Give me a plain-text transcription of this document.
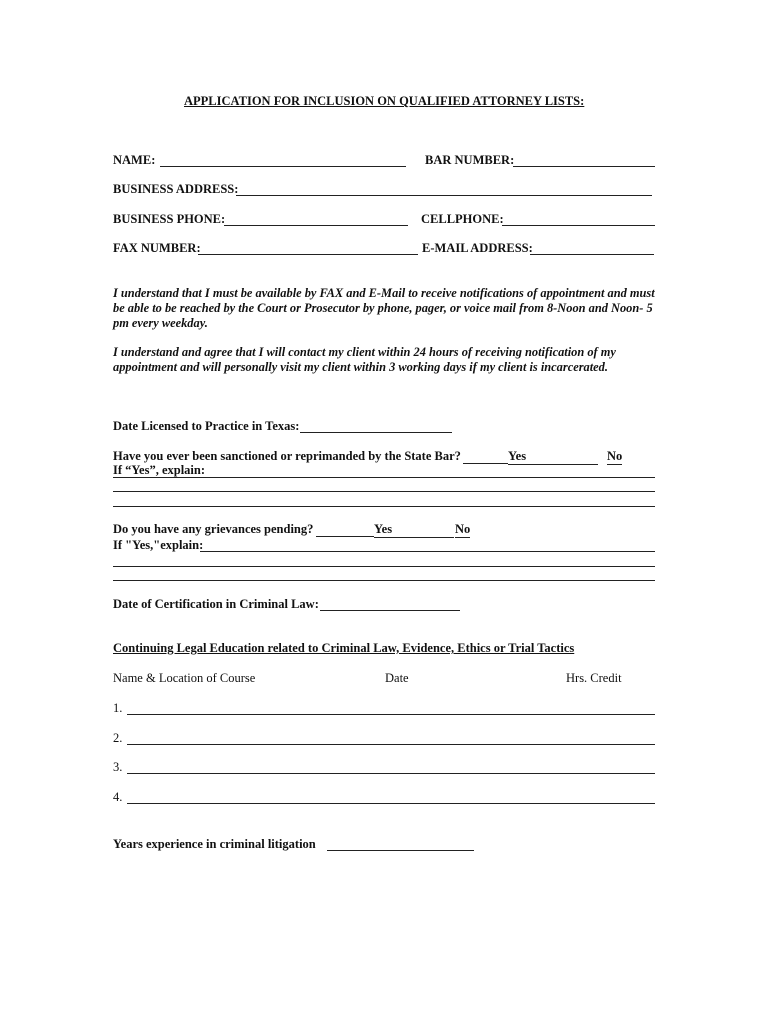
APPLICATION FOR INCLUSION ON QUALIFIED ATTORNEY LISTS:
NAME:	BAR NUMBER:
BUSINESS ADDRESS:
BUSINESS PHONE:	CELLPHONE:
FAX NUMBER:	E-MAIL ADDRESS:
I understand that I must be available by FAX and E-Mail to receive notifications of appointment and must be able to be reached by the Court or Prosecutor by phone, pager, or voice mail from 8-Noon and Noon- 5 pm every weekday.
I understand and agree that I will contact my client within 24 hours of receiving notification of my appointment and will personally visit my client within 3 working days if my client is incarcerated.
Date Licensed to Practice in Texas:
Have you ever been sanctioned or reprimanded by the State Bar?	Yes	No
If “Yes”, explain:
Do you have any grievances pending?	Yes	No
If "Yes,"explain:
Date of Certification in Criminal Law:
Continuing Legal Education related to Criminal Law, Evidence, Ethics or Trial Tactics
Name & Location of Course	Date	Hrs. Credit
1.
2.
3.
4.
Years experience in criminal litigation
